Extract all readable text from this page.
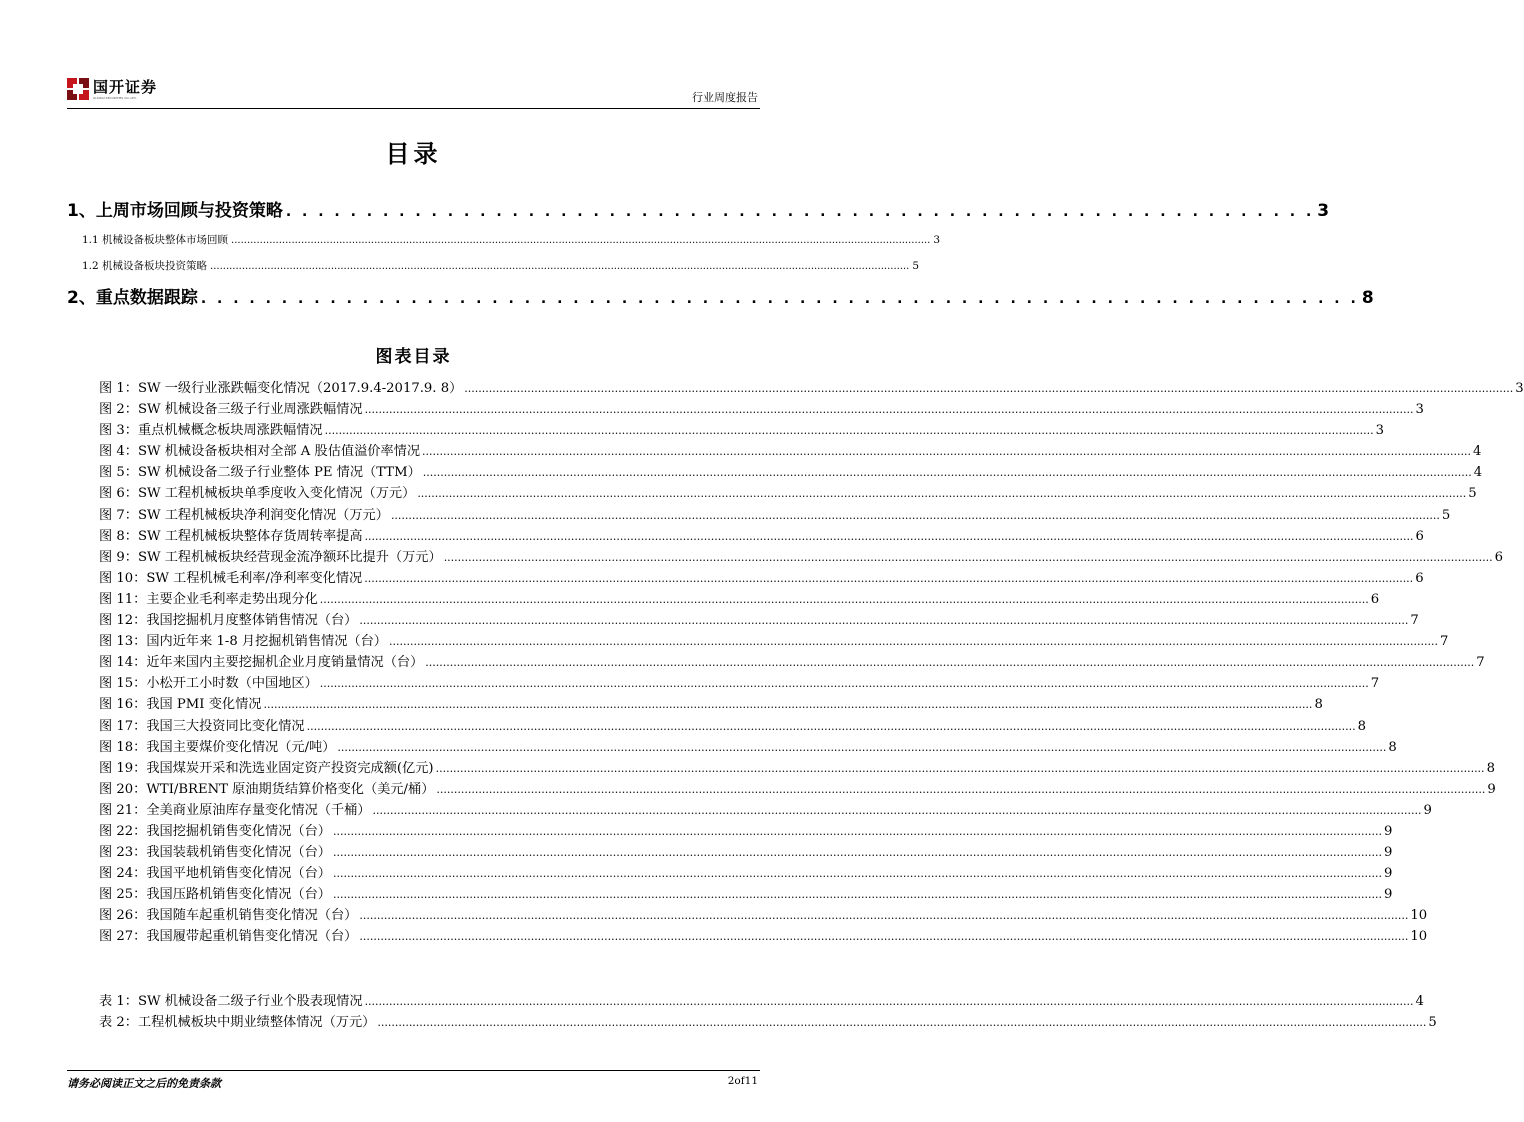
国开证券
GUOKAI SECURITIES CO.,LTD.	行业周度报告
目录
1、上周市场回顾与投资策略 . . . . . . . . . . . . . . . . . . . . . . . . . . . . . . . . . . . . . . . . . . . . . . . . . . . . . . . . . . . . . . . . 3
1.1 机械设备板块整体市场回顾 ............................................................................................................................................................................................................................ 3
1.2 机械设备板块投资策略 ............................................................................................................................................................................................................................ 5
2、重点数据跟踪 . . . . . . . . . . . . . . . . . . . . . . . . . . . . . . . . . . . . . . . . . . . . . . . . . . . . . . . . . . . . . . . . . . . . . . . . 8
图表目录
图 1：SW 一级行业涨跌幅变化情况（2017.9.4-2017.9. 8） ............................................................................................................................................................................................................................................................................................................ 3
图 2：SW 机械设备三级子行业周涨跌幅情况 ............................................................................................................................................................................................................................................................................................................ 3
图 3：重点机械概念板块周涨跌幅情况 ............................................................................................................................................................................................................................................................................................................ 3
图 4：SW 机械设备板块相对全部 A 股估值溢价率情况 ............................................................................................................................................................................................................................................................................................................ 4
图 5：SW 机械设备二级子行业整体 PE 情况（TTM） ............................................................................................................................................................................................................................................................................................................ 4
图 6：SW 工程机械板块单季度收入变化情况（万元） ............................................................................................................................................................................................................................................................................................................ 5
图 7：SW 工程机械板块净利润变化情况（万元） ............................................................................................................................................................................................................................................................................................................ 5
图 8：SW 工程机械板块整体存货周转率提高 ............................................................................................................................................................................................................................................................................................................ 6
图 9：SW 工程机械板块经营现金流净额环比提升（万元） ............................................................................................................................................................................................................................................................................................................ 6
图 10：SW 工程机械毛利率/净利率变化情况 ............................................................................................................................................................................................................................................................................................................ 6
图 11：主要企业毛利率走势出现分化 ............................................................................................................................................................................................................................................................................................................ 6
图 12：我国挖掘机月度整体销售情况（台） ............................................................................................................................................................................................................................................................................................................ 7
图 13：国内近年来 1-8 月挖掘机销售情况（台） ............................................................................................................................................................................................................................................................................................................ 7
图 14：近年来国内主要挖掘机企业月度销量情况（台） ............................................................................................................................................................................................................................................................................................................ 7
图 15：小松开工小时数（中国地区） ............................................................................................................................................................................................................................................................................................................ 7
图 16：我国 PMI 变化情况 ............................................................................................................................................................................................................................................................................................................ 8
图 17：我国三大投资同比变化情况 ............................................................................................................................................................................................................................................................................................................ 8
图 18：我国主要煤价变化情况（元/吨） ............................................................................................................................................................................................................................................................................................................ 8
图 19：我国煤炭开采和洗选业固定资产投资完成额(亿元) ............................................................................................................................................................................................................................................................................................................ 8
图 20：WTI/BRENT 原油期货结算价格变化（美元/桶） ............................................................................................................................................................................................................................................................................................................ 9
图 21：全美商业原油库存量变化情况（千桶） ............................................................................................................................................................................................................................................................................................................ 9
图 22：我国挖掘机销售变化情况（台） ............................................................................................................................................................................................................................................................................................................ 9
图 23：我国装载机销售变化情况（台） ............................................................................................................................................................................................................................................................................................................ 9
图 24：我国平地机销售变化情况（台） ............................................................................................................................................................................................................................................................................................................ 9
图 25：我国压路机销售变化情况（台） ............................................................................................................................................................................................................................................................................................................ 9
图 26：我国随车起重机销售变化情况（台） ............................................................................................................................................................................................................................................................................................................ 10
图 27：我国履带起重机销售变化情况（台） ............................................................................................................................................................................................................................................................................................................ 10
表 1：SW 机械设备二级子行业个股表现情况 ............................................................................................................................................................................................................................................................................................................ 4
表 2：工程机械板块中期业绩整体情况（万元） ............................................................................................................................................................................................................................................................................................................ 5
请务必阅读正文之后的免责条款	2of11
